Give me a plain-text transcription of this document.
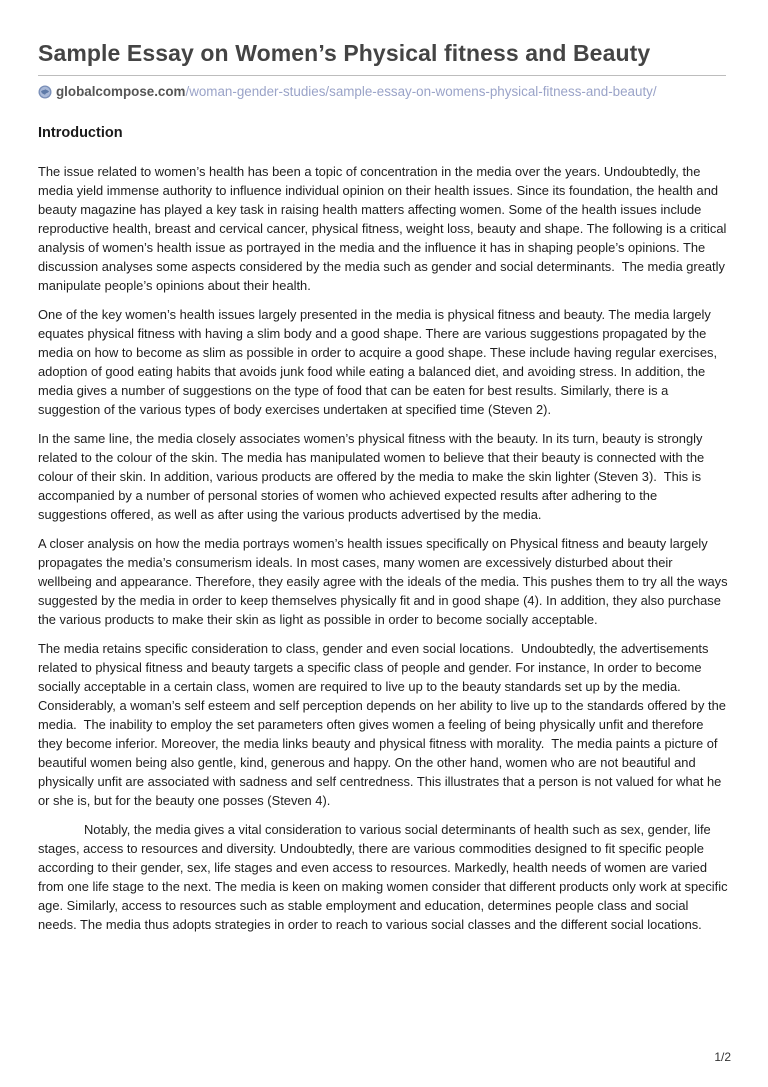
Sample Essay on Women’s Physical fitness and Beauty
globalcompose.com /woman-gender-studies/sample-essay-on-womens-physical-fitness-and-beauty/
Introduction

The issue related to women’s health has been a topic of concentration in the media over the years. Undoubtedly, the media yield immense authority to influence individual opinion on their health issues. Since its foundation, the health and beauty magazine has played a key task in raising health matters affecting women. Some of the health issues include reproductive health, breast and cervical cancer, physical fitness, weight loss, beauty and shape. The following is a critical analysis of women’s health issue as portrayed in the media and the influence it has in shaping people’s opinions. The discussion analyses some aspects considered by the media such as gender and social determinants.  The media greatly manipulate people’s opinions about their health.

One of the key women’s health issues largely presented in the media is physical fitness and beauty. The media largely equates physical fitness with having a slim body and a good shape. There are various suggestions propagated by the media on how to become as slim as possible in order to acquire a good shape. These include having regular exercises, adoption of good eating habits that avoids junk food while eating a balanced diet, and avoiding stress. In addition, the media gives a number of suggestions on the type of food that can be eaten for best results. Similarly, there is a suggestion of the various types of body exercises undertaken at specified time (Steven 2).

In the same line, the media closely associates women’s physical fitness with the beauty. In its turn, beauty is strongly related to the colour of the skin. The media has manipulated women to believe that their beauty is connected with the colour of their skin. In addition, various products are offered by the media to make the skin lighter (Steven 3).  This is accompanied by a number of personal stories of women who achieved expected results after adhering to the suggestions offered, as well as after using the various products advertised by the media.

A closer analysis on how the media portrays women’s health issues specifically on Physical fitness and beauty largely propagates the media’s consumerism ideals. In most cases, many women are excessively disturbed about their wellbeing and appearance. Therefore, they easily agree with the ideals of the media. This pushes them to try all the ways suggested by the media in order to keep themselves physically fit and in good shape (4). In addition, they also purchase the various products to make their skin as light as possible in order to become socially acceptable.

The media retains specific consideration to class, gender and even social locations.  Undoubtedly, the advertisements related to physical fitness and beauty targets a specific class of people and gender. For instance, In order to become socially acceptable in a certain class, women are required to live up to the beauty standards set up by the media. Considerably, a woman’s self esteem and self perception depends on her ability to live up to the standards offered by the media.  The inability to employ the set parameters often gives women a feeling of being physically unfit and therefore they become inferior. Moreover, the media links beauty and physical fitness with morality.  The media paints a picture of beautiful women being also gentle, kind, generous and happy. On the other hand, women who are not beautiful and physically unfit are associated with sadness and self centredness. This illustrates that a person is not valued for what he or she is, but for the beauty one posses (Steven 4).

Notably, the media gives a vital consideration to various social determinants of health such as sex, gender, life stages, access to resources and diversity. Undoubtedly, there are various commodities designed to fit specific people according to their gender, sex, life stages and even access to resources. Markedly, health needs of women are varied from one life stage to the next. The media is keen on making women consider that different products only work at specific age. Similarly, access to resources such as stable employment and education, determines people class and social needs. The media thus adopts strategies in order to reach to various social classes and the different social locations.

1/2
